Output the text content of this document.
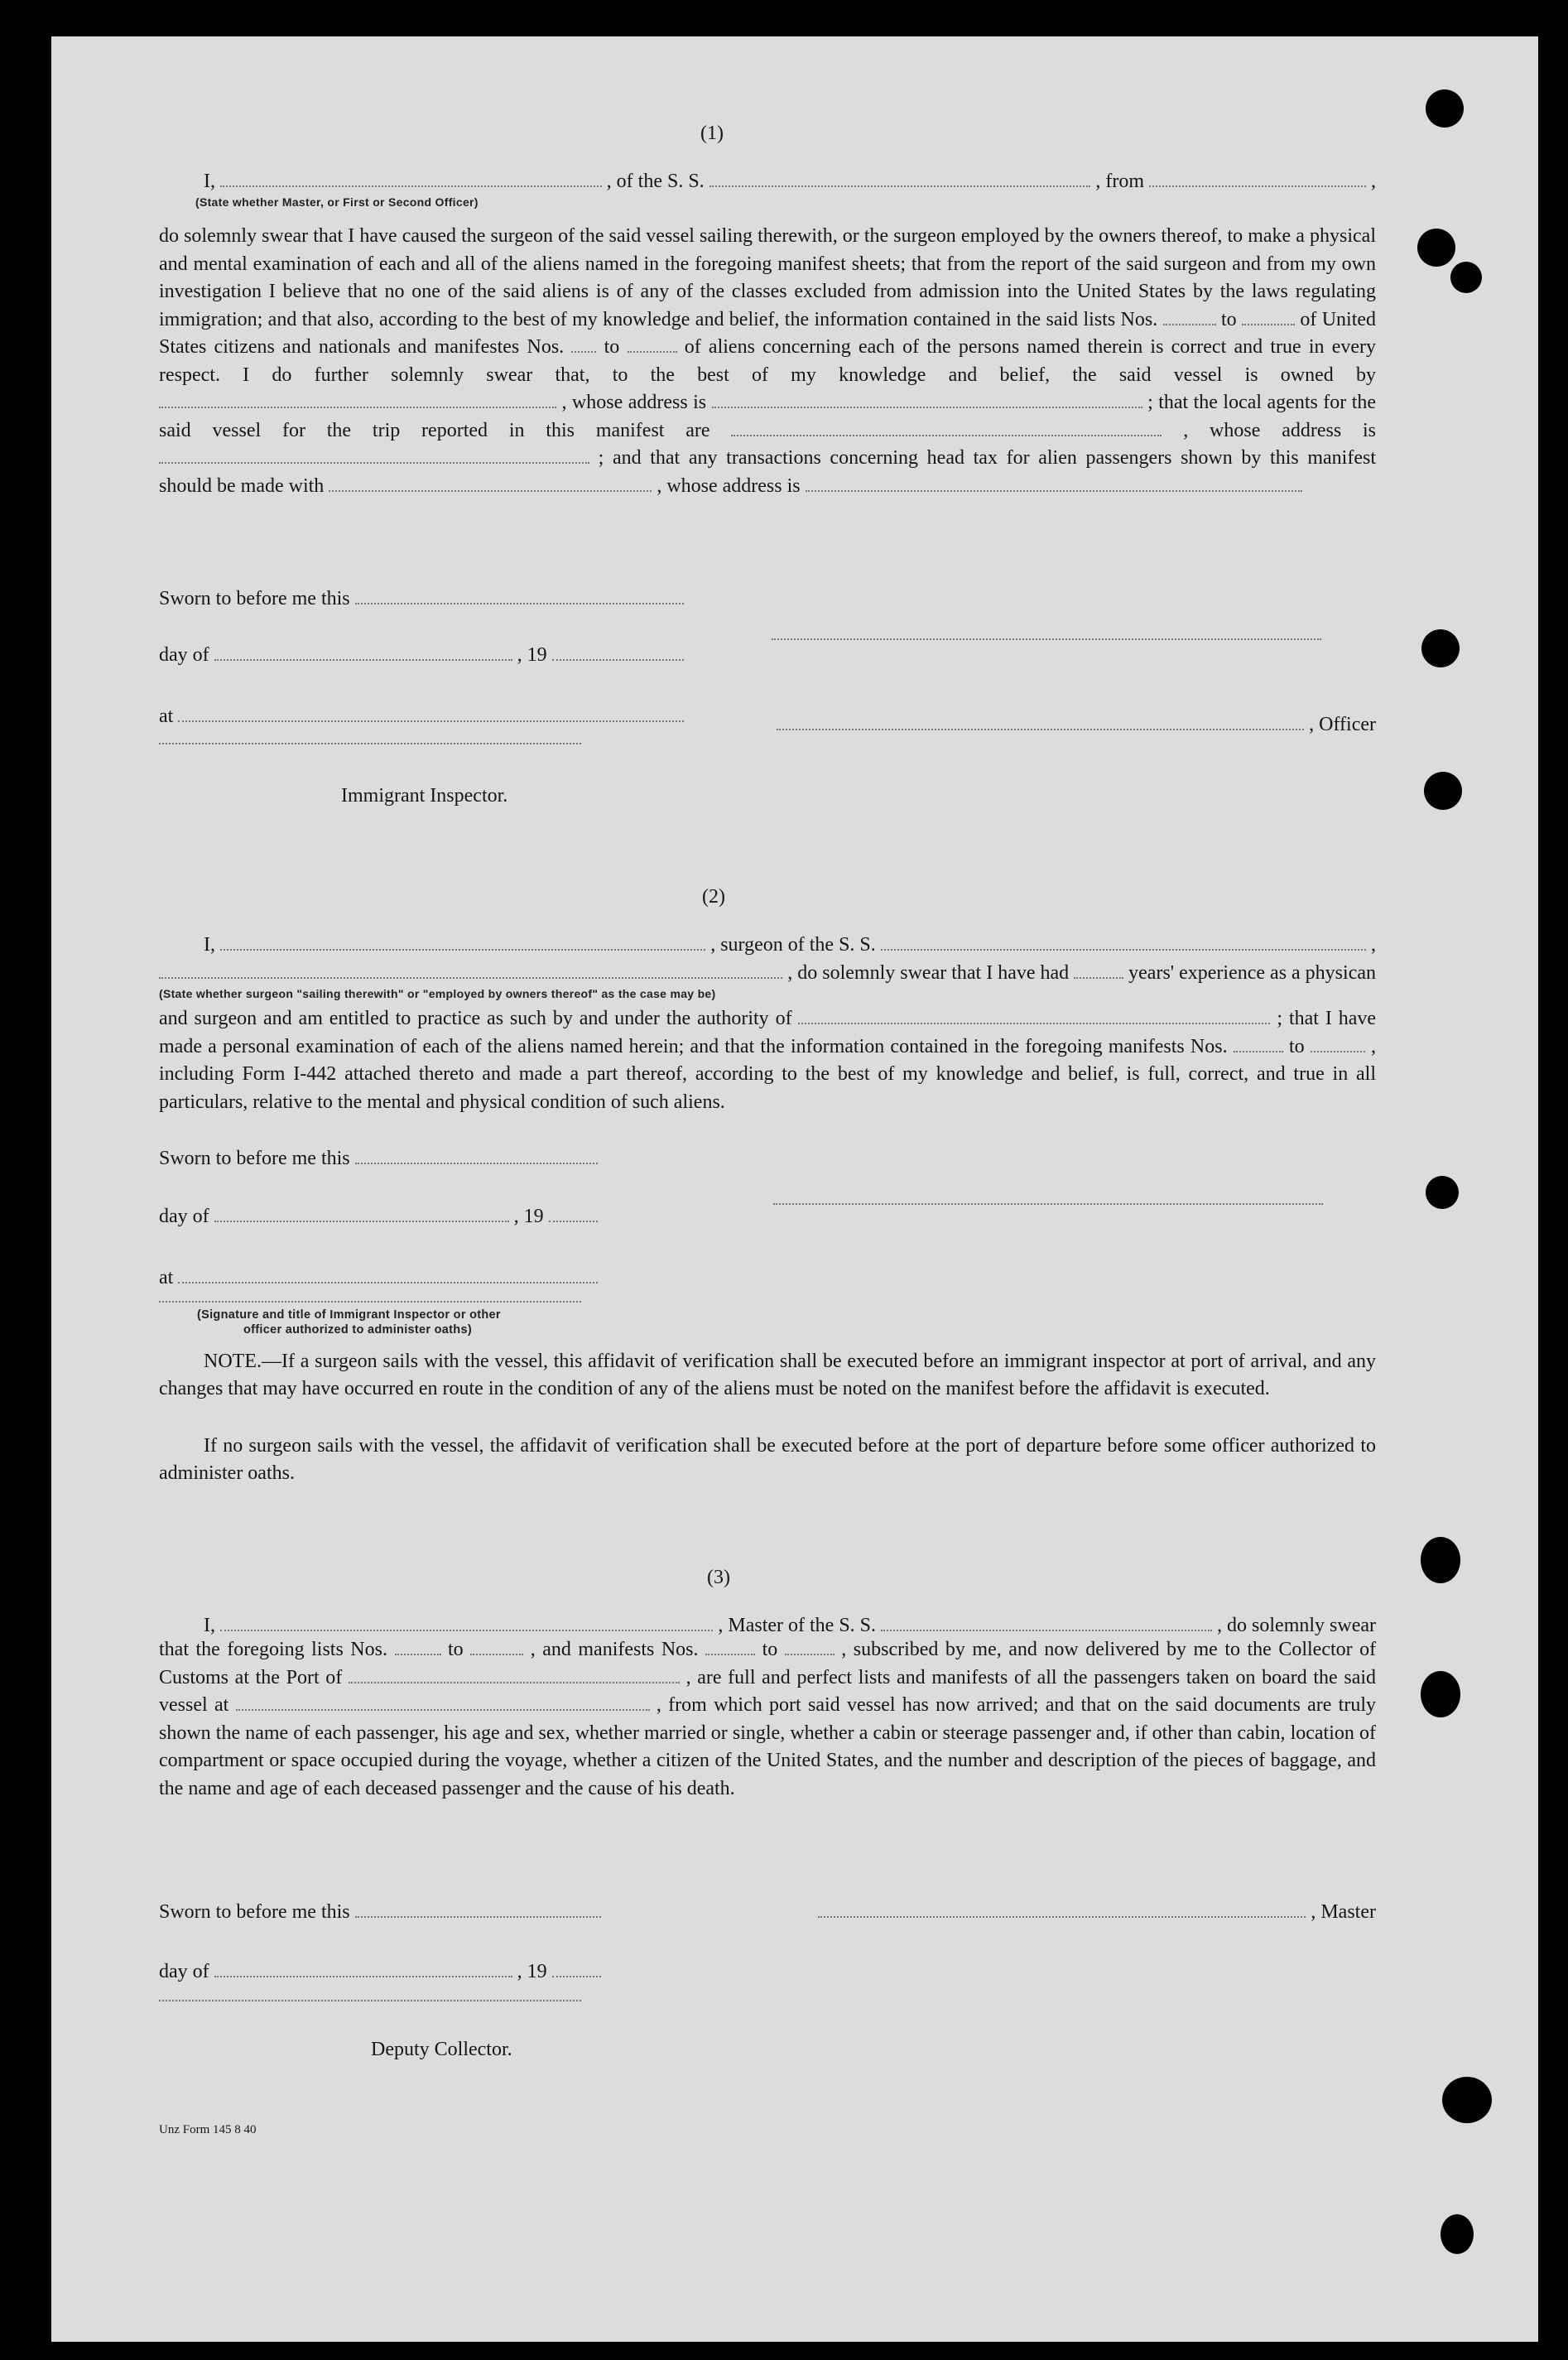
(1)
I,	, of the S. S.	, from	,
(State whether Master, or First or Second Officer)
do solemnly swear that I have caused the surgeon of the said vessel sailing therewith, or the surgeon employed by the owners thereof, to make a physical and mental examination of each and all of the aliens named in the foregoing manifest sheets; that from the report of the said surgeon and from my own investigation I believe that no one of the said aliens is of any of the classes excluded from admission into the United States by the laws regulating immigration; and that also, according to the best of my knowledge and belief, the information contained in the said lists Nos.	to	of United States citizens and nationals and manifestes Nos. to	of aliens concerning each of the persons named therein is correct and true in every respect. I do further solemnly swear that, to the best of my knowledge and belief, the said vessel is owned by  , whose address is	; that the local agents for the said vessel for the trip reported in this manifest are	, whose address is  ; and that any transactions concerning head tax for alien passengers shown by this manifest should be made with	, whose address is
Sworn to before me this
day of	, 19
at	, Officer
Immigrant Inspector.
(2)
I,	, surgeon of the S. S.	,
, do solemnly swear that I have had	years' experience as a physican
(State whether surgeon "sailing therewith" or "employed by owners thereof" as the case may be)
and surgeon and am entitled to practice as such by and under the authority of	; that I have made a personal examination of each of the aliens named herein; and that the information contained in the foregoing manifests Nos.	to	, including Form I-442 attached thereto and made a part thereof, according to the best of my knowledge and belief, is full, correct, and true in all particulars, relative to the mental and physical condition of such aliens.
Sworn to before me this
day of	, 19
at
(Signature and title of Immigrant Inspector or other
officer authorized to administer oaths)
NOTE.—If a surgeon sails with the vessel, this affidavit of verification shall be executed before an immigrant inspector at port of arrival, and any changes that may have occurred en route in the condition of any of the aliens must be noted on the manifest before the affidavit is executed.
If no surgeon sails with the vessel, the affidavit of verification shall be executed before at the port of departure before some officer authorized to administer oaths.
(3)
I,	, Master of the S. S.	, do solemnly swear
that the foregoing lists Nos.	to	, and manifests Nos.	to	, subscribed by me, and now delivered by me to the Collector of Customs at the Port of	, are full and perfect lists and manifests of all the passengers taken on board the said vessel at	, from which port said vessel has now arrived; and that on the said documents are truly shown the name of each passenger, his age and sex, whether married or single, whether a cabin or steerage passenger and, if other than cabin, location of compartment or space occupied during the voyage, whether a citizen of the United States, and the number and description of the pieces of baggage, and the name and age of each deceased passenger and the cause of his death.
Sworn to before me this	, Master
day of	, 19
Deputy Collector.
Unz Form 145 8 40
